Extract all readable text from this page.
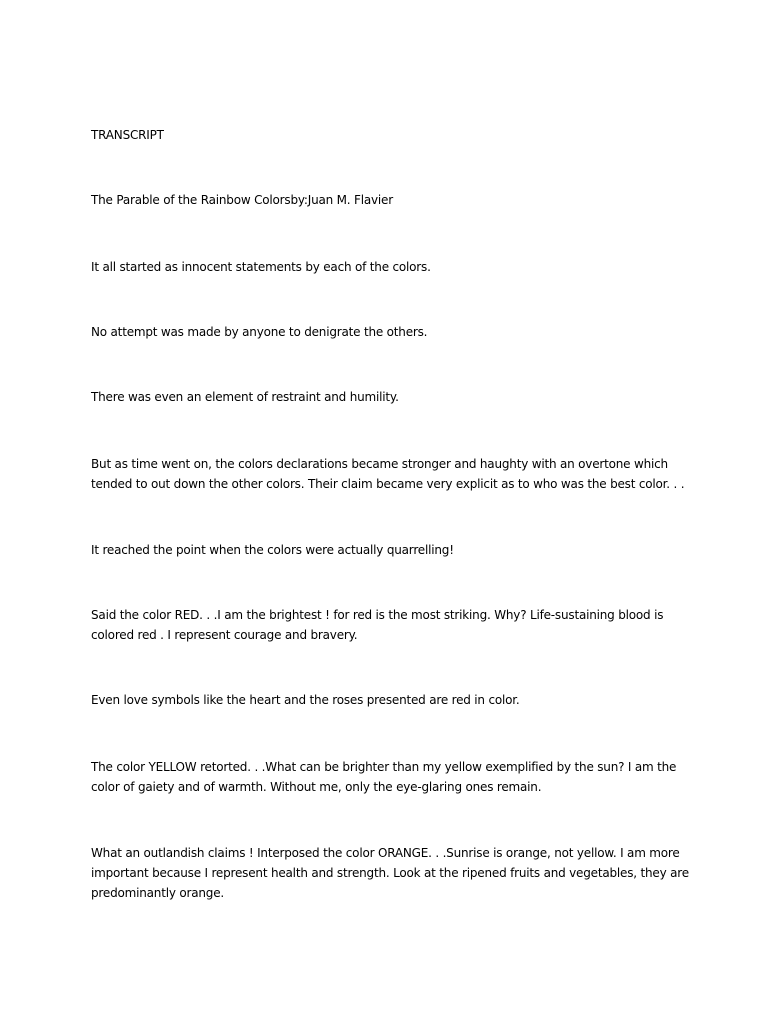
TRANSCRIPT

The Parable of the Rainbow Colorsby:Juan M. Flavier

It all started as innocent statements by each of the colors.

No attempt was made by anyone to denigrate the others.

There was even an element of restraint and humility.

But as time went on, the colors declarations became stronger and haughty with an overtone which tended to out down the other colors. Their claim became very explicit as to who was the best color. . .

It reached the point when the colors were actually quarrelling!

Said the color RED. . .I am the brightest ! for red is the most striking. Why? Life-sustaining blood is colored red . I represent courage and bravery.

Even love symbols like the heart and the roses presented are red in color.

The color YELLOW retorted. . .What can be brighter than my yellow exemplified by the sun? I am the color of gaiety and of warmth. Without me, only the eye-glaring ones remain.

What an outlandish claims ! Interposed the color ORANGE. . .Sunrise is orange, not yellow. I am more important because I represent health and strength. Look at the ripened fruits and vegetables, they are predominantly orange.
